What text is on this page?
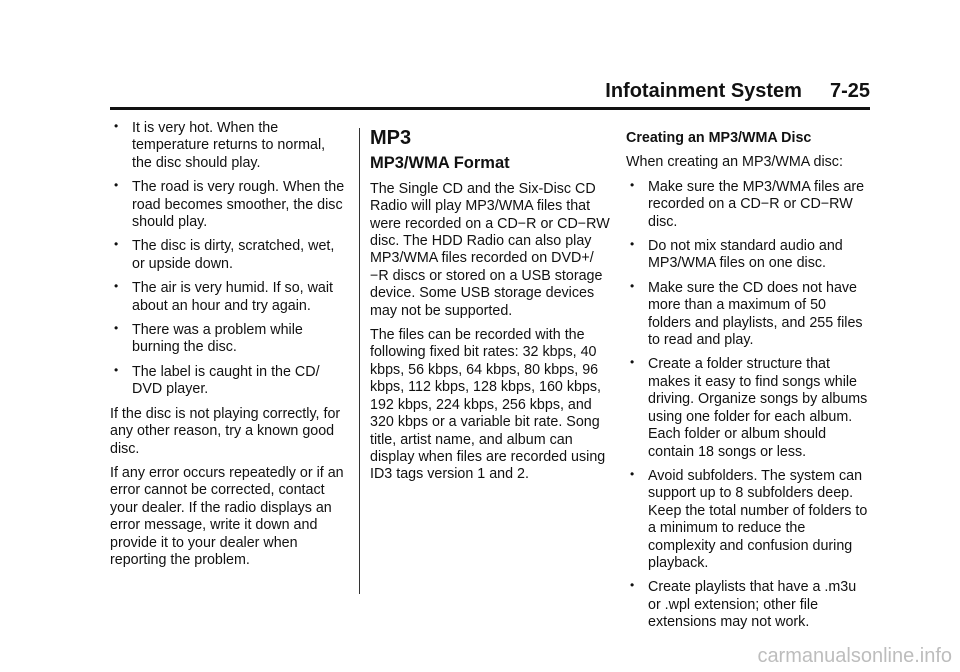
Infotainment System 7-25
• It is very hot. When the temperature returns to normal, the disc should play.
• The road is very rough. When the road becomes smoother, the disc should play.
• The disc is dirty, scratched, wet, or upside down.
• The air is very humid. If so, wait about an hour and try again.
• There was a problem while burning the disc.
• The label is caught in the CD/ DVD player.

If the disc is not playing correctly, for any other reason, try a known good disc.

If any error occurs repeatedly or if an error cannot be corrected, contact your dealer. If the radio displays an error message, write it down and provide it to your dealer when reporting the problem.

MP3
MP3/WMA Format

The Single CD and the Six-Disc CD Radio will play MP3/WMA files that were recorded on a CD−R or CD−RW disc. The HDD Radio can also play MP3/WMA files recorded on DVD+/−R discs or stored on a USB storage device. Some USB storage devices may not be supported.

The files can be recorded with the following fixed bit rates: 32 kbps, 40 kbps, 56 kbps, 64 kbps, 80 kbps, 96 kbps, 112 kbps, 128 kbps, 160 kbps, 192 kbps, 224 kbps, 256 kbps, and 320 kbps or a variable bit rate. Song title, artist name, and album can display when files are recorded using ID3 tags version 1 and 2.

Creating an MP3/WMA Disc

When creating an MP3/WMA disc:

• Make sure the MP3/WMA files are recorded on a CD−R or CD−RW disc.
• Do not mix standard audio and MP3/WMA files on one disc.
• Make sure the CD does not have more than a maximum of 50 folders and playlists, and 255 files to read and play.
• Create a folder structure that makes it easy to find songs while driving. Organize songs by albums using one folder for each album. Each folder or album should contain 18 songs or less.
• Avoid subfolders. The system can support up to 8 subfolders deep. Keep the total number of folders to a minimum to reduce the complexity and confusion during playback.
• Create playlists that have a .m3u or .wpl extension; other file extensions may not work.
carmanualsonline.info
